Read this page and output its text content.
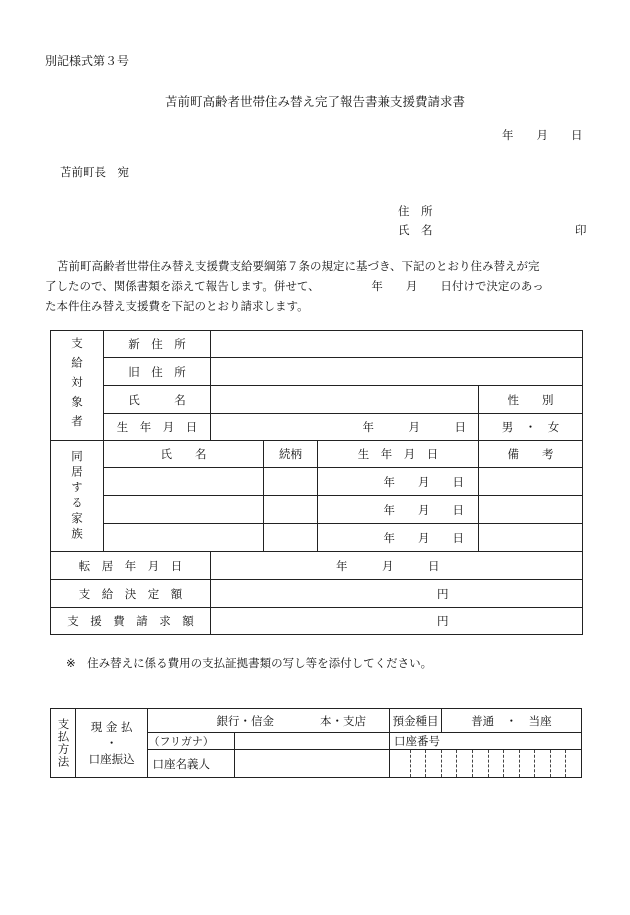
別記様式第３号
苫前町高齢者世帯住み替え完了報告書兼支援費請求書
年　　月　　日
苫前町長　宛
住　所
氏　名	印
苫前町高齢者世帯住み替え支援費支給要綱第７条の規定に基づき、下記のとおり住み替えが完
了したので、関係書類を添えて報告します。併せて、　　　　　年　　月　　日付けで決定のあっ
た本件住み替え支援費を下記のとおり請求します。
支給対象者	新　住　所				
	旧　住　所				
	氏　　　名				性　　別
	生　年　月　日	年　　　月　　　日			男　・　女

同居する家族	氏　　名		続柄	生　年　月　日	備　　考
				年　　月　　日	
				年　　月　　日	
				年　　月　　日	
転　居　年　月　日		年　　　月　　　日			
支　給　決　定　額		円			
支　援　費　請　求　額		円			
※　住み替えに係る費用の支払証拠書類の写し等を添付してください。
支払方法	現 金 払
・
口座振込	銀行・信金　　　　本・支店		預金種目			普通　・　当座								
		（フリガナ）		口座番号											
		口座名義人													
